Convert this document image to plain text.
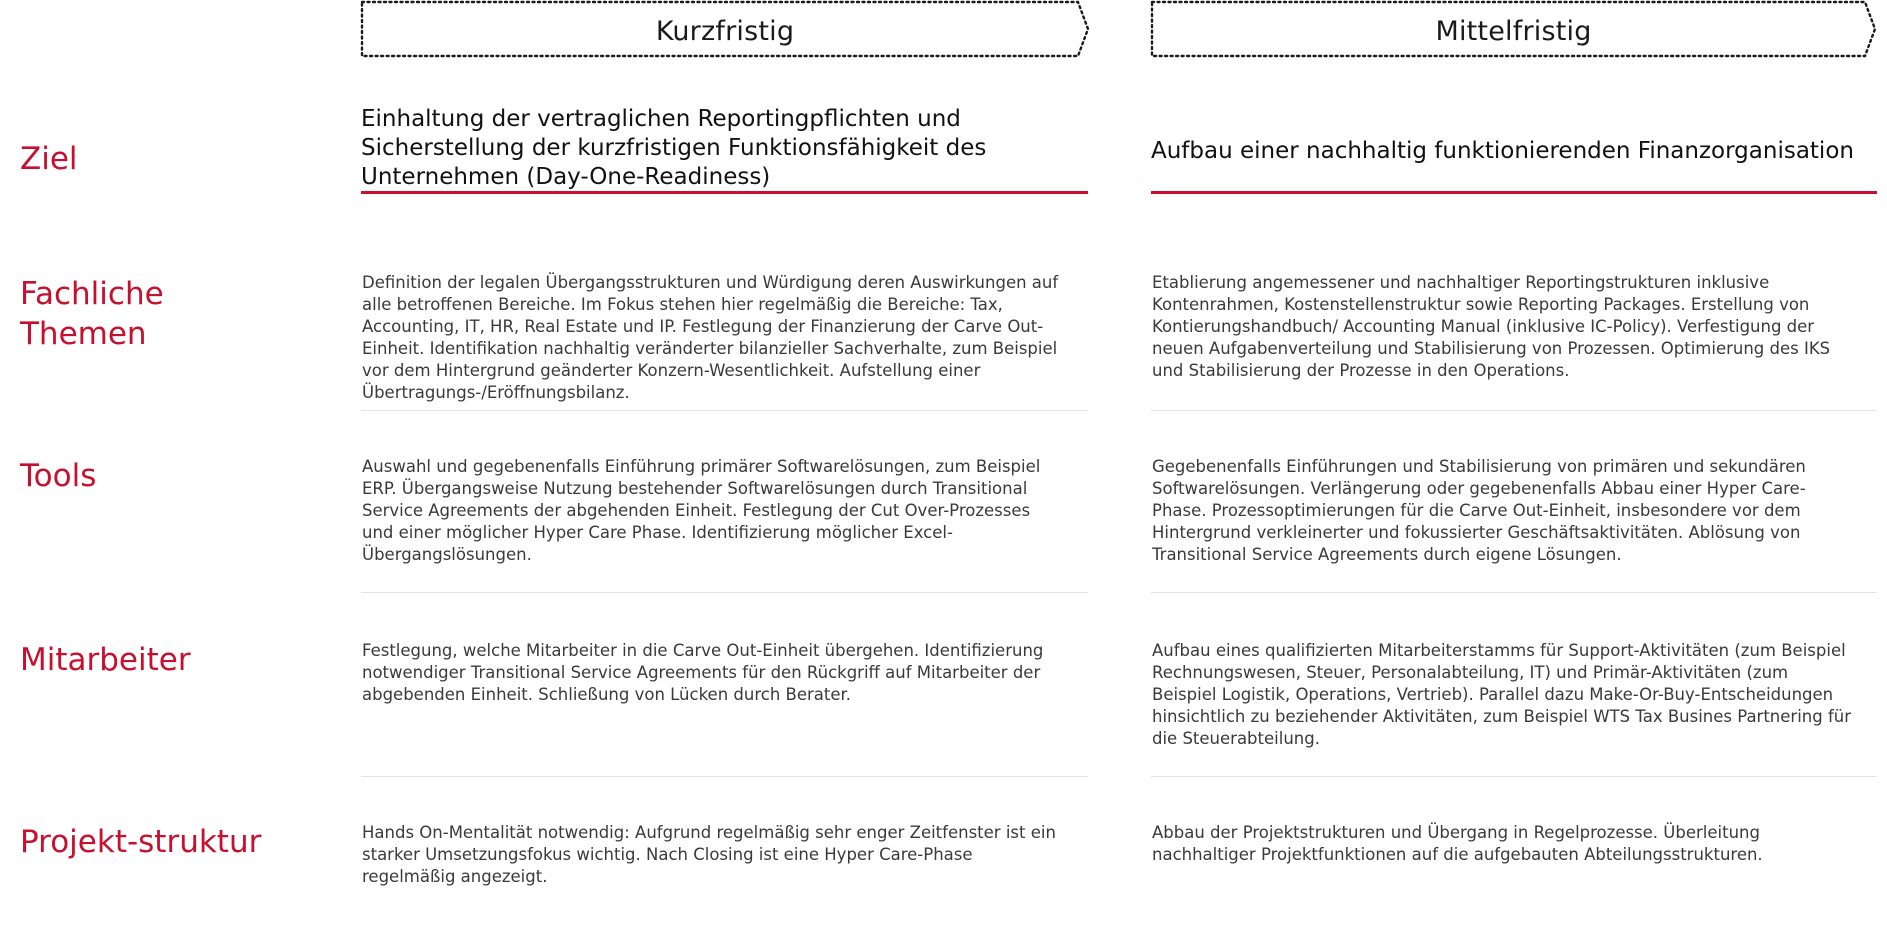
Kurzfristig	Mittelfristig
Ziel
Fachliche
Themen
Tools
Mitarbeiter
Projekt-struktur
Einhaltung der vertraglichen Reportingpflichten und
Sicherstellung der kurzfristigen Funktionsfähigkeit des
Unternehmen (Day-One-Readiness)
Aufbau einer nachhaltig funktionierenden Finanzorganisation
Definition der legalen Übergangsstrukturen und Würdigung deren Auswirkungen auf
alle betroffenen Bereiche. Im Fokus stehen hier regelmäßig die Bereiche: Tax,
Accounting, IT, HR, Real Estate und IP. Festlegung der Finanzierung der Carve Out-
Einheit. Identifikation nachhaltig veränderter bilanzieller Sachverhalte, zum Beispiel
vor dem Hintergrund geänderter Konzern-Wesentlichkeit. Aufstellung einer
Übertragungs-/Eröffnungsbilanz.
Etablierung angemessener und nachhaltiger Reportingstrukturen inklusive
Kontenrahmen, Kostenstellenstruktur sowie Reporting Packages. Erstellung von
Kontierungshandbuch/ Accounting Manual (inklusive IC-Policy). Verfestigung der
neuen Aufgabenverteilung und Stabilisierung von Prozessen. Optimierung des IKS
und Stabilisierung der Prozesse in den Operations.
Auswahl und gegebenenfalls Einführung primärer Softwarelösungen, zum Beispiel
ERP. Übergangsweise Nutzung bestehender Softwarelösungen durch Transitional
Service Agreements der abgehenden Einheit. Festlegung der Cut Over-Prozesses
und einer möglicher Hyper Care Phase. Identifizierung möglicher Excel-
Übergangslösungen.
Gegebenenfalls Einführungen und Stabilisierung von primären und sekundären
Softwarelösungen. Verlängerung oder gegebenenfalls Abbau einer Hyper Care-
Phase. Prozessoptimierungen für die Carve Out-Einheit, insbesondere vor dem
Hintergrund verkleinerter und fokussierter Geschäftsaktivitäten. Ablösung von
Transitional Service Agreements durch eigene Lösungen.
Festlegung, welche Mitarbeiter in die Carve Out-Einheit übergehen. Identifizierung
notwendiger Transitional Service Agreements für den Rückgriff auf Mitarbeiter der
abgebenden Einheit. Schließung von Lücken durch Berater.
Aufbau eines qualifizierten Mitarbeiterstamms für Support-Aktivitäten (zum Beispiel
Rechnungswesen, Steuer, Personalabteilung, IT) und Primär-Aktivitäten (zum
Beispiel Logistik, Operations, Vertrieb). Parallel dazu Make-Or-Buy-Entscheidungen
hinsichtlich zu beziehender Aktivitäten, zum Beispiel WTS Tax Busines Partnering für
die Steuerabteilung.
Hands On-Mentalität notwendig: Aufgrund regelmäßig sehr enger Zeitfenster ist ein
starker Umsetzungsfokus wichtig. Nach Closing ist eine Hyper Care-Phase
regelmäßig angezeigt.
Abbau der Projektstrukturen und Übergang in Regelprozesse. Überleitung
nachhaltiger Projektfunktionen auf die aufgebauten Abteilungsstrukturen.
